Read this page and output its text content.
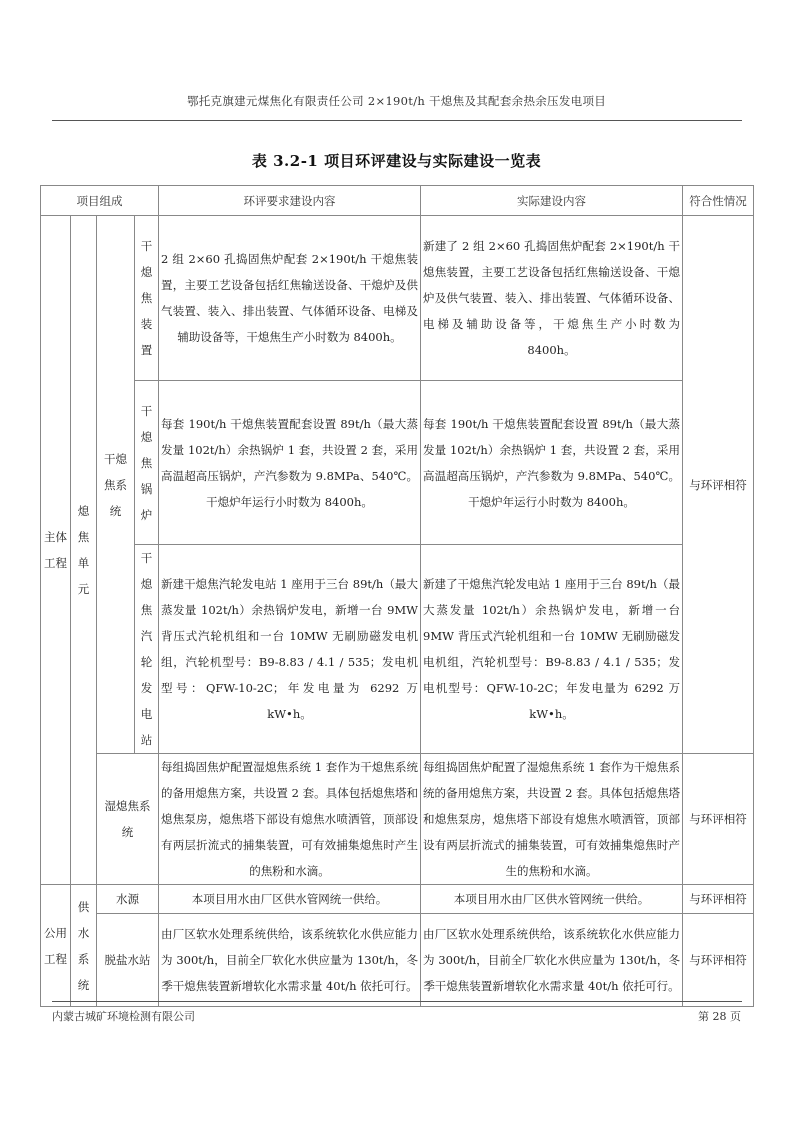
鄂托克旗建元煤焦化有限责任公司 2×190t/h 干熄焦及其配套余热余压发电项目
表 3.2-1 项目环评建设与实际建设一览表
项目组成				环评要求建设内容	实际建设内容	符合性情况
主体工程	熄焦单元	干熄焦系统	干熄焦装置	2 组 2×60 孔捣固焦炉配套 2×190t/h 干熄焦装置，主要工艺设备包括红焦输送设备、干熄炉及供气装置、装入、排出装置、气体循环设备、电梯及辅助设备等，干熄焦生产小时数为 8400h。	新建了 2 组 2×60 孔捣固焦炉配套 2×190t/h 干熄焦装置，主要工艺设备包括红焦输送设备、干熄炉及供气装置、装入、排出装置、气体循环设备、电梯及辅助设备等，干熄焦生产小时数为 8400h。	与环评相符
			干熄焦锅炉	每套 190t/h 干熄焦装置配套设置 89t/h（最大蒸发量 102t/h）余热锅炉 1 套，共设置 2 套，采用高温超高压锅炉，产汽参数为 9.8MPa、540℃。干熄炉年运行小时数为 8400h。	每套 190t/h 干熄焦装置配套设置 89t/h（最大蒸发量 102t/h）余热锅炉 1 套，共设置 2 套，采用高温超高压锅炉，产汽参数为 9.8MPa、540℃。干熄炉年运行小时数为 8400h。	
			干熄焦汽轮发电站	新建干熄焦汽轮发电站 1 座用于三台 89t/h（最大蒸发量 102t/h）余热锅炉发电，新增一台 9MW 背压式汽轮机组和一台 10MW 无刷励磁发电机组，汽轮机型号：B9-8.83 / 4.1 / 535；发电机型号：QFW-10-2C；年发电量为 6292 万 kW•h。	新建了干熄焦汽轮发电站 1 座用于三台 89t/h（最大蒸发量 102t/h）余热锅炉发电，新增一台 9MW 背压式汽轮机组和一台 10MW 无刷励磁发电机组，汽轮机型号：B9-8.83 / 4.1 / 535；发电机型号：QFW-10-2C；年发电量为 6292 万 kW•h。	
		湿熄焦系统		每组捣固焦炉配置湿熄焦系统 1 套作为干熄焦系统的备用熄焦方案，共设置 2 套。具体包括熄焦塔和熄焦泵房，熄焦塔下部设有熄焦水喷洒管，顶部设有两层折流式的捕集装置，可有效捕集熄焦时产生的焦粉和水滴。	每组捣固焦炉配置了湿熄焦系统 1 套作为干熄焦系统的备用熄焦方案，共设置 2 套。具体包括熄焦塔和熄焦泵房，熄焦塔下部设有熄焦水喷洒管，顶部设有两层折流式的捕集装置，可有效捕集熄焦时产生的焦粉和水滴。	与环评相符
公用工程	供水系统	水源		本项目用水由厂区供水管网统一供给。	本项目用水由厂区供水管网统一供给。	与环评相符
		脱盐水站		由厂区软水处理系统供给，该系统软化水供应能力为 300t/h，目前全厂软化水供应量为 130t/h，冬季干熄焦装置新增软化水需求量 40t/h 依托可行。	由厂区软水处理系统供给，该系统软化水供应能力为 300t/h，目前全厂软化水供应量为 130t/h，冬季干熄焦装置新增软化水需求量 40t/h 依托可行。	与环评相符
内蒙古城矿环境检测有限公司	第 28 页
